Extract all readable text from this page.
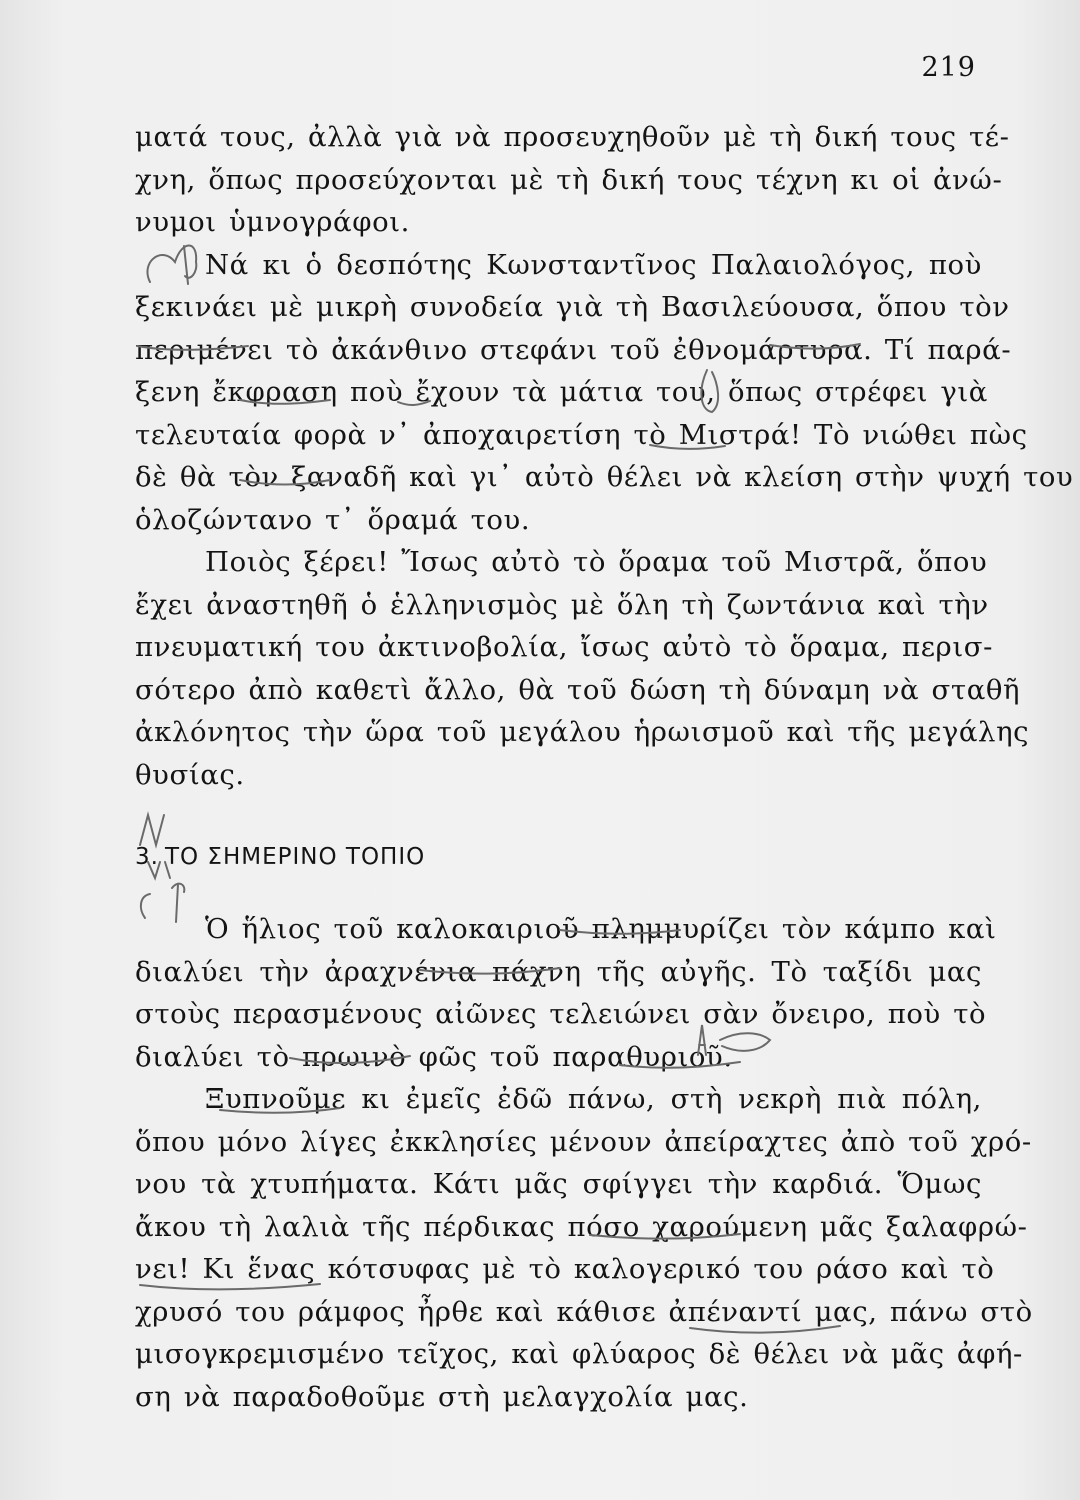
219
ματά τους, ἀλλὰ γιὰ νὰ προσευχηθοῦν μὲ τὴ δική τους τέ-
χνη, ὅπως προσεύχονται μὲ τὴ δική τους τέχνη κι οἱ ἀνώ-
νυμοι ὑμνογράφοι.
Νά κι ὁ δεσπότης Κωνσταντῖνος Παλαιολόγος, ποὺ
ξεκινάει μὲ μικρὴ συνοδεία γιὰ τὴ Βασιλεύουσα, ὅπου τὸν
περιμένει τὸ ἀκάνθινο στεφάνι τοῦ ἐθνομάρτυρα. Τί παρά-
ξενη ἔκφραση ποὺ ἔχουν τὰ μάτια του, ὅπως στρέφει γιὰ
τελευταία φορὰ ν᾿ ἀποχαιρετίση τὸ Μιστρά! Τὸ νιώθει πὼς
δὲ θὰ τὸν ξαναδῆ καὶ γι᾿ αὐτὸ θέλει νὰ κλείση στὴν ψυχή του
ὁλοζώντανο τ᾿ ὅραμά του.
Ποιὸς ξέρει! Ἴσως αὐτὸ τὸ ὅραμα τοῦ Μιστρᾶ, ὅπου
ἔχει ἀναστηθῆ ὁ ἑλληνισμὸς μὲ ὅλη τὴ ζωντάνια καὶ τὴν
πνευματική του ἀκτινοβολία, ἴσως αὐτὸ τὸ ὅραμα, περισ-
σότερο ἀπὸ καθετὶ ἄλλο, θὰ τοῦ δώση τὴ δύναμη νὰ σταθῆ
ἀκλόνητος τὴν ὥρα τοῦ μεγάλου ἡρωισμοῦ καὶ τῆς μεγάλης
θυσίας.
3. ΤΟ ΣΗΜΕΡΙΝΟ ΤΟΠΙΟ
Ὁ ἥλιος τοῦ καλοκαιριοῦ πλημμυρίζει τὸν κάμπο καὶ
διαλύει τὴν ἀραχνένια πάχνη τῆς αὐγῆς. Τὸ ταξίδι μας
στοὺς περασμένους αἰῶνες τελειώνει σὰν ὄνειρο, ποὺ τὸ
διαλύει τὸ πρωινὸ φῶς τοῦ παραθυριοῦ.
Ξυπνοῦμε κι ἐμεῖς ἐδῶ πάνω, στὴ νεκρὴ πιὰ πόλη,
ὅπου μόνο λίγες ἐκκλησίες μένουν ἀπείραχτες ἀπὸ τοῦ χρό-
νου τὰ χτυπήματα. Κάτι μᾶς σφίγγει τὴν καρδιά. Ὅμως
ἄκου τὴ λαλιὰ τῆς πέρδικας πόσο χαρούμενη μᾶς ξαλαφρώ-
νει! Κι ἕνας κότσυφας μὲ τὸ καλογερικό του ράσο καὶ τὸ
χρυσό του ράμφος ἦρθε καὶ κάθισε ἀπέναντί μας, πάνω στὸ
μισογκρεμισμένο τεῖχος, καὶ φλύαρος δὲ θέλει νὰ μᾶς ἀφή-
ση νὰ παραδοθοῦμε στὴ μελαγχολία μας.
